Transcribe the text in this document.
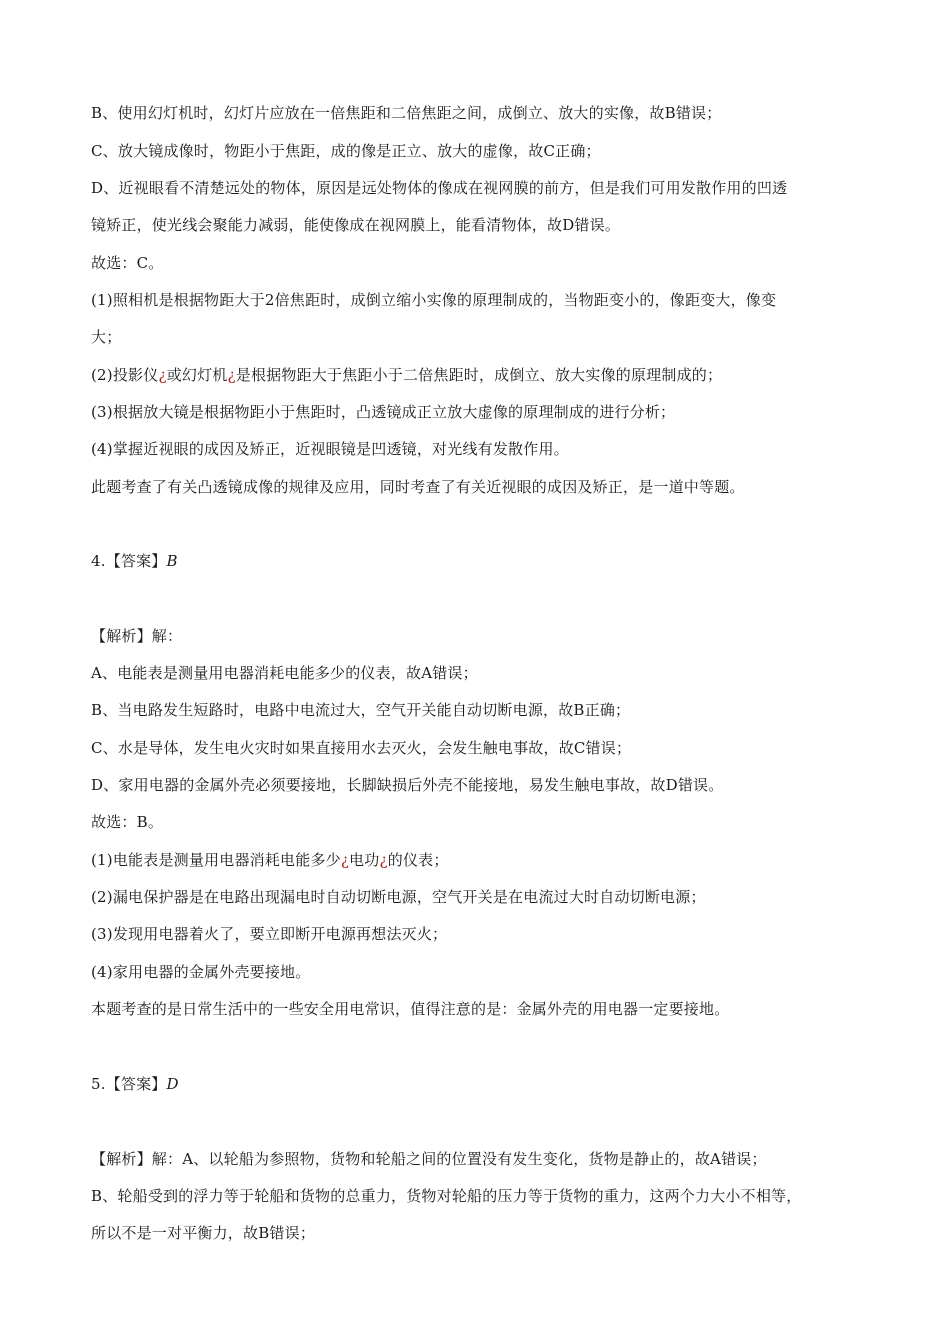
B、使用幻灯机时，幻灯片应放在一倍焦距和二倍焦距之间，成倒立、放大的实像，故B错误；
C、放大镜成像时，物距小于焦距，成的像是正立、放大的虚像，故C正确；
D、近视眼看不清楚远处的物体，原因是远处物体的像成在视网膜的前方，但是我们可用发散作用的凹透
镜矫正，使光线会聚能力减弱，能使像成在视网膜上，能看清物体，故D错误。
故选：C。
(1)照相机是根据物距大于2倍焦距时，成倒立缩小实像的原理制成的，当物距变小的，像距变大，像变
大；
(2)投影仪¿或幻灯机¿是根据物距大于焦距小于二倍焦距时，成倒立、放大实像的原理制成的；
(3)根据放大镜是根据物距小于焦距时，凸透镜成正立放大虚像的原理制成的进行分析；
(4)掌握近视眼的成因及矫正，近视眼镜是凹透镜，对光线有发散作用。
此题考查了有关凸透镜成像的规律及应用，同时考查了有关近视眼的成因及矫正，是一道中等题。
4.【答案】B
【解析】解：
A、电能表是测量用电器消耗电能多少的仪表，故A错误；
B、当电路发生短路时，电路中电流过大，空气开关能自动切断电源，故B正确；
C、水是导体，发生电火灾时如果直接用水去灭火，会发生触电事故，故C错误；
D、家用电器的金属外壳必须要接地，长脚缺损后外壳不能接地，易发生触电事故，故D错误。
故选：B。
(1)电能表是测量用电器消耗电能多少¿电功¿的仪表；
(2)漏电保护器是在电路出现漏电时自动切断电源，空气开关是在电流过大时自动切断电源；
(3)发现用电器着火了，要立即断开电源再想法灭火；
(4)家用电器的金属外壳要接地。
本题考查的是日常生活中的一些安全用电常识，值得注意的是：金属外壳的用电器一定要接地。
5.【答案】D
【解析】解：A、以轮船为参照物，货物和轮船之间的位置没有发生变化，货物是静止的，故A错误；
B、轮船受到的浮力等于轮船和货物的总重力，货物对轮船的压力等于货物的重力，这两个力大小不相等，
所以不是一对平衡力，故B错误；
